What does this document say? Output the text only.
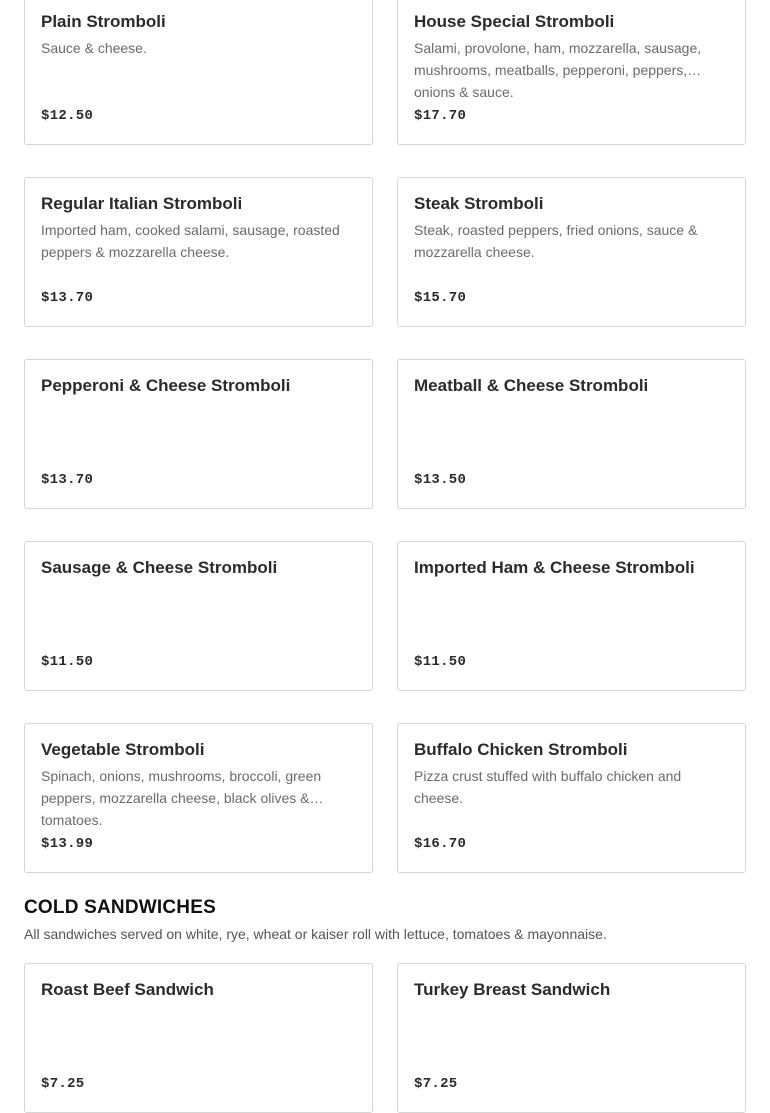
Plain Stromboli
Sauce & cheese.
$12.50
House Special Stromboli
Salami, provolone, ham, mozzarella, sausage, mushrooms, meatballs, pepperoni, peppers, onions & sauce.
$17.70
Regular Italian Stromboli
Imported ham, cooked salami, sausage, roasted peppers & mozzarella cheese.
$13.70
Steak Stromboli
Steak, roasted peppers, fried onions, sauce & mozzarella cheese.
$15.70
Pepperoni & Cheese Stromboli
$13.70
Meatball & Cheese Stromboli
$13.50
Sausage & Cheese Stromboli
$11.50
Imported Ham & Cheese Stromboli
$11.50
Vegetable Stromboli
Spinach, onions, mushrooms, broccoli, green peppers, mozzarella cheese, black olives & tomatoes.
$13.99
Buffalo Chicken Stromboli
Pizza crust stuffed with buffalo chicken and cheese.
$16.70
COLD SANDWICHES

All sandwiches served on white, rye, wheat or kaiser roll with lettuce, tomatoes & mayonnaise.

Roast Beef Sandwich
$7.25
Turkey Breast Sandwich
$7.25
